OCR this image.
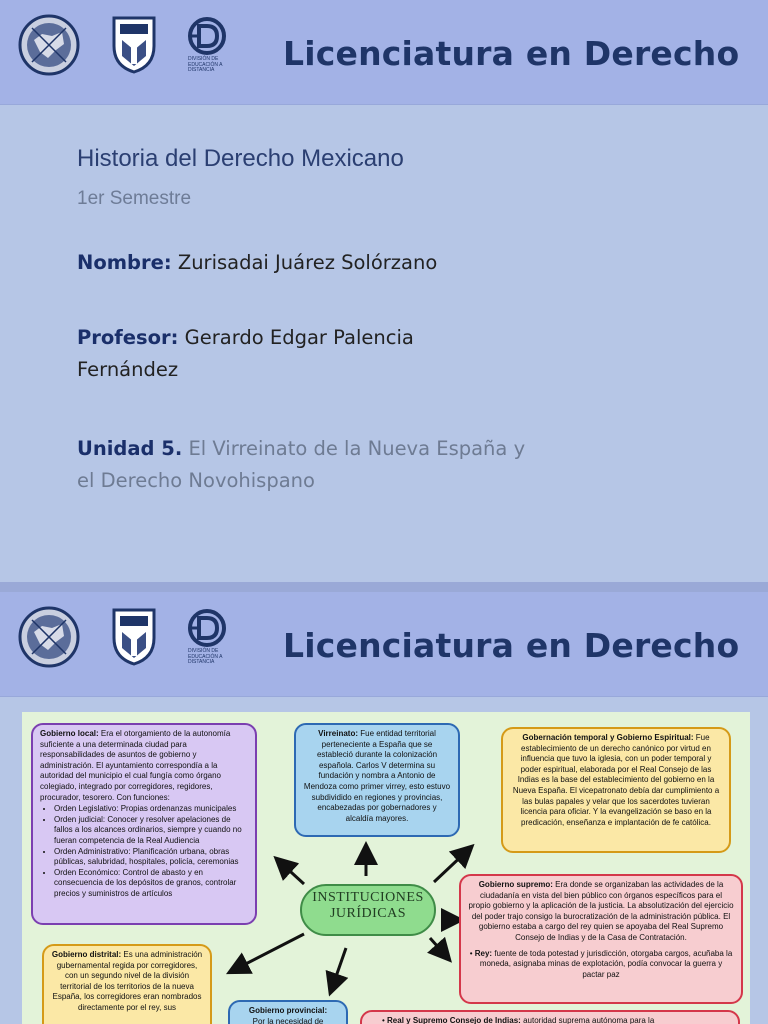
DIVISIÓN DE EDUCACIÓN A DISTANCIA	Licenciatura en Derecho
Historia del Derecho Mexicano
1er Semestre
Nombre: Zurisadai Juárez Solórzano
Profesor: Gerardo Edgar Palencia Fernández
Unidad 5. El Virreinato de la Nueva España y el Derecho Novohispano
DIVISIÓN DE EDUCACIÓN A DISTANCIA	Licenciatura en Derecho
Gobierno local: Era el otorgamiento de la autonomía suficiente a una determinada ciudad para responsabilidades de asuntos de gobierno y administración. El ayuntamiento correspondía a la autoridad del municipio el cual fungía como órgano colegiado, integrado por corregidores, regidores, procurador, tesorero. Con funciones:
• Orden Legislativo: Propias ordenanzas municipales
• Orden judicial: Conocer y resolver apelaciones de fallos a los alcances ordinarios, siempre y cuando no fueran competencia de la Real Audiencia
• Orden Administrativo: Planificación urbana, obras públicas, salubridad, hospitales, policía, ceremonias
• Orden Económico: Control de abasto y en consecuencia de los depósitos de granos, controlar precios y suministros de artículos
Virreinato: Fue entidad territorial perteneciente a España que se estableció durante la colonización española. Carlos V determina su fundación y nombra a Antonio de Mendoza como primer virrey, esto estuvo subdividido en regiones y provincias, encabezadas por gobernadores y alcaldía mayores.
Gobernación temporal y Gobierno Espiritual: Fue establecimiento de un derecho canónico por virtud en influencia que tuvo la iglesia, con un poder temporal y poder espiritual, elaborada por el Real Consejo de las Indias es la base del establecimiento del gobierno en la Nueva España. El vicepatronato debía dar cumplimiento a las bulas papales y velar que los sacerdotes tuvieran licencia para oficiar. Y la evangelización se baso en la predicación, enseñanza e implantación de fe católica.
INSTITUCIONES JURÍDICAS
Gobierno supremo: Era donde se organizaban las actividades de la ciudadanía en vista del bien público con órganos específicos para el propio gobierno y la aplicación de la justicia. La absolutización del ejercicio del poder trajo consigo la burocratización de la administración pública. El gobierno estaba a cargo del rey quien se apoyaba del Real Supremo Consejo de Indias y de la Casa de Contratación.
• Rey: fuente de toda potestad y jurisdicción, otorgaba cargos, acuñaba la moneda, asignaba minas de explotación, podía convocar la guerra y pactar paz
Gobierno distrital: Es una administración gubernamental regida por corregidores, con un segundo nivel de la división territorial de los territorios de la nueva España, los corregidores eran nombrados directamente por el rey, sus	Gobierno provincial:
Por la necesidad de	• Real y Supremo Consejo de Indias: autoridad suprema autónoma para la
